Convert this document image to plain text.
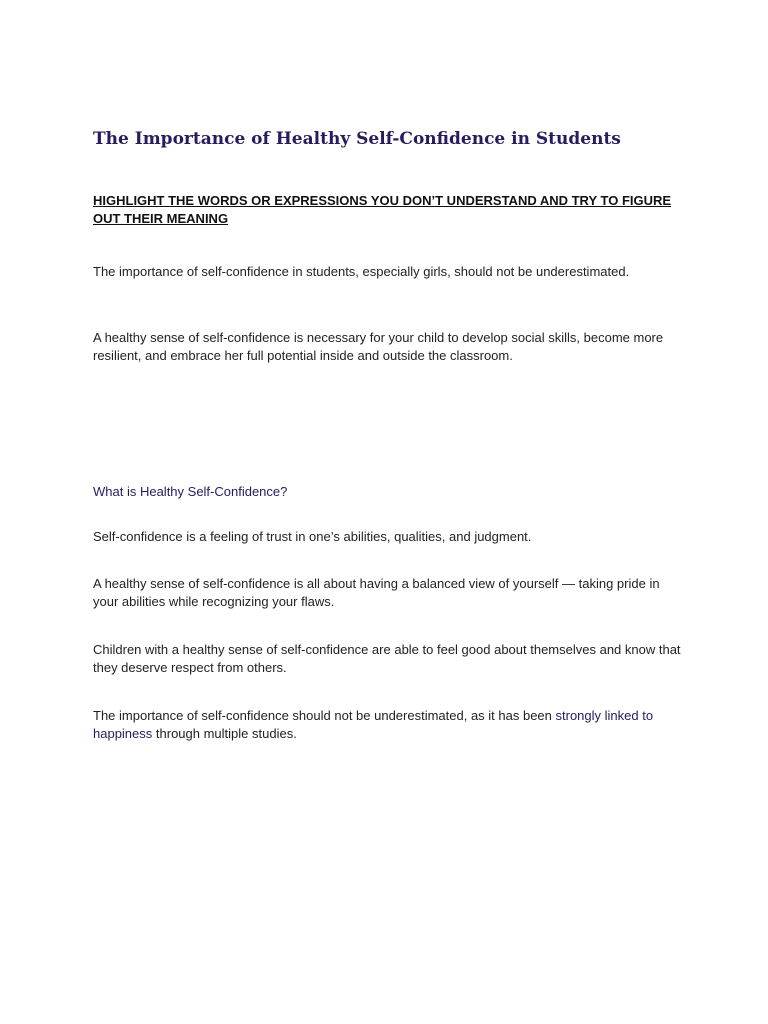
The Importance of Healthy Self-Confidence in Students

HIGHLIGHT THE WORDS OR EXPRESSIONS YOU DON’T UNDERSTAND AND TRY TO FIGURE OUT THEIR MEANING

The importance of self-confidence in students, especially girls, should not be underestimated.

A healthy sense of self-confidence is necessary for your child to develop social skills, become more resilient, and embrace her full potential inside and outside the classroom.

What is Healthy Self-Confidence?

Self-confidence is a feeling of trust in one’s abilities, qualities, and judgment.

A healthy sense of self-confidence is all about having a balanced view of yourself — taking pride in your abilities while recognizing your flaws.

Children with a healthy sense of self-confidence are able to feel good about themselves and know that they deserve respect from others.

The importance of self-confidence should not be underestimated, as it has been strongly linked to happiness through multiple studies.
